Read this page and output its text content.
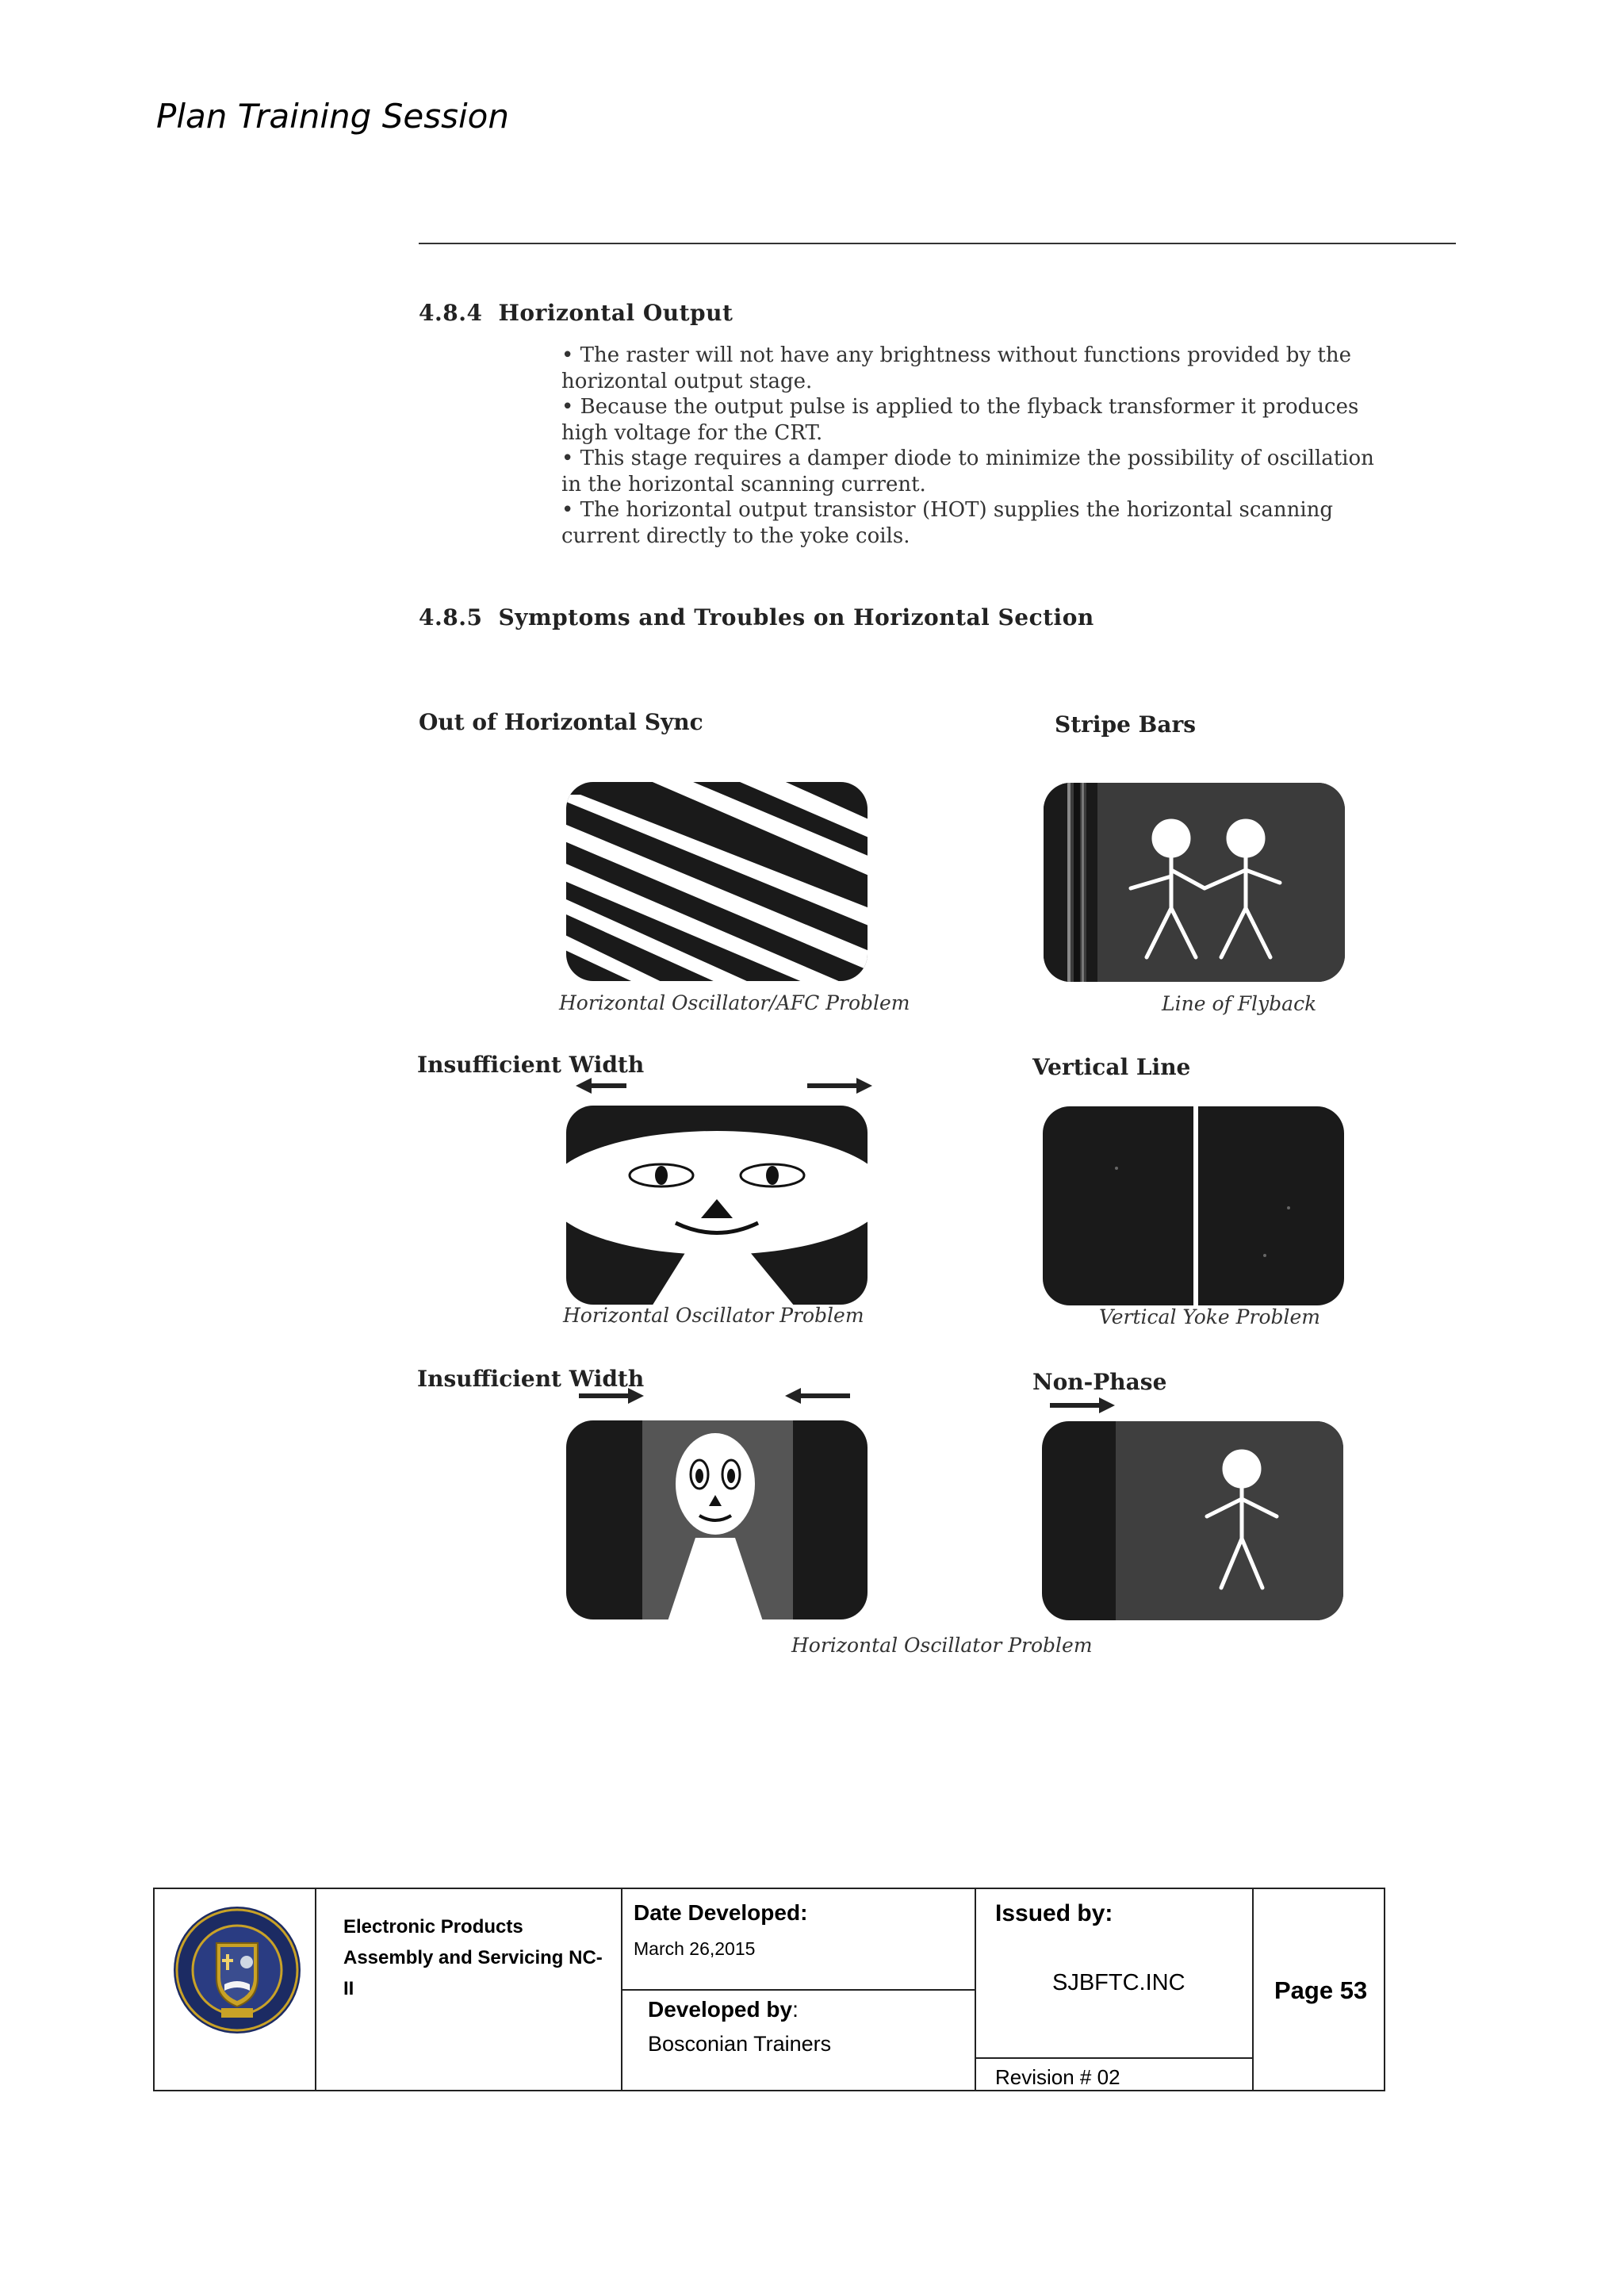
Plan Training Session
4.8.4 Horizontal Output

• The raster will not have any brightness without functions provided by the

horizontal output stage.

• Because the output pulse is applied to the flyback transformer it produces

high voltage for the CRT.

• This stage requires a damper diode to minimize the possibility of oscillation

in the horizontal scanning current.

• The horizontal output transistor (HOT) supplies the horizontal scanning

current directly to the yoke coils.

4.8.5 Symptoms and Troubles on Horizontal Section
Out of Horizontal Sync	Stripe Bars
Horizontal Oscillator/AFC Problem	Line of Flyback
Insufficient Width	Vertical Line
Horizontal Oscillator Problem	Vertical Yoke Problem
Insufficient Width	Non-Phase
Horizontal Oscillator Problem
Electronic Products
Assembly and Servicing NC-
II
Date Developed:
March 26,2015
Developed by:
Bosconian Trainers
Issued by:
SJBFTC.INC
Revision # 02
Page 53
